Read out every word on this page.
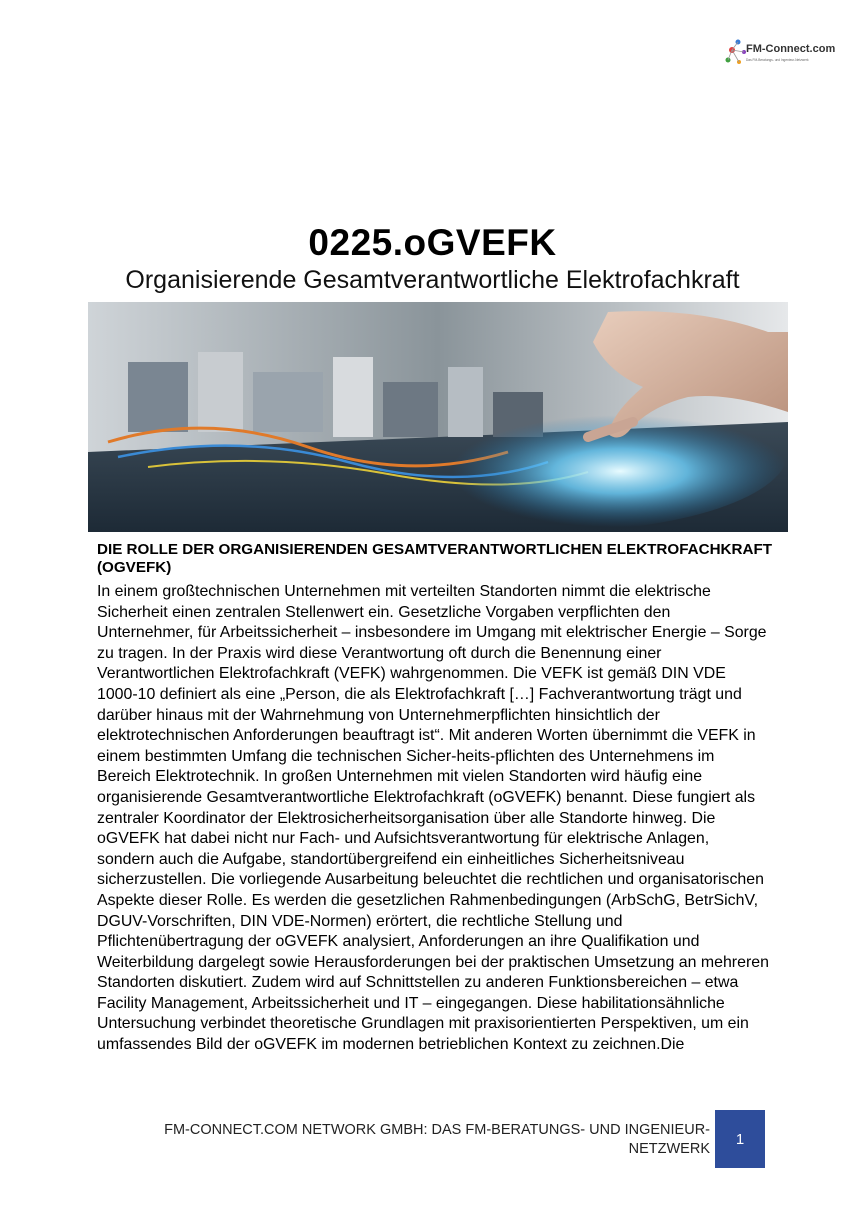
FM-Connect.com
Das FM-Beratungs- und Ingenieur-Netzwerk
0225.oGVEFK
Organisierende Gesamtverantwortliche Elektrofachkraft
DIE ROLLE DER ORGANISIERENDEN GESAMTVERANTWORTLICHEN ELEKTROFACHKRAFT (OGVEFK)
In einem großtechnischen Unternehmen mit verteilten Standorten nimmt die elektrische Sicherheit einen zentralen Stellenwert ein. Gesetzliche Vorgaben verpflichten den Unternehmer, für Arbeitssicherheit – insbesondere im Umgang mit elektrischer Energie – Sorge zu tragen. In der Praxis wird diese Verantwortung oft durch die Benennung einer Verantwortlichen Elektrofachkraft (VEFK) wahrgenommen. Die VEFK ist gemäß DIN VDE 1000-10 definiert als eine „Person, die als Elektrofachkraft […] Fachverantwortung trägt und darüber hinaus mit der Wahrnehmung von Unternehmerpflichten hinsichtlich der elektrotechnischen Anforderungen beauftragt ist“. Mit anderen Worten übernimmt die VEFK in einem bestimmten Umfang die technischen Sicher-heits-pflichten des Unternehmens im Bereich Elektrotechnik. In großen Unternehmen mit vielen Standorten wird häufig eine organisierende Gesamtverantwortliche Elektrofachkraft (oGVEFK) benannt. Diese fungiert als zentraler Koordinator der Elektrosicherheitsorganisation über alle Standorte hinweg. Die oGVEFK hat dabei nicht nur Fach- und Aufsichtsverantwortung für elektrische Anlagen, sondern auch die Aufgabe, standortübergreifend ein einheitliches Sicherheitsniveau sicherzustellen. Die vorliegende Ausarbeitung beleuchtet die rechtlichen und organisatorischen Aspekte dieser Rolle. Es werden die gesetzlichen Rahmenbedingungen (ArbSchG, BetrSichV, DGUV-Vorschriften, DIN VDE-Normen) erörtert, die rechtliche Stellung und Pflichtenübertragung der oGVEFK analysiert, Anforderungen an ihre Qualifikation und Weiterbildung dargelegt sowie Herausforderungen bei der praktischen Umsetzung an mehreren Standorten diskutiert. Zudem wird auf Schnittstellen zu anderen Funktionsbereichen – etwa Facility Management, Arbeitssicherheit und IT – eingegangen. Diese habilitationsähnliche Untersuchung verbindet theoretische Grundlagen mit praxisorientierten Perspektiven, um ein umfassendes Bild der oGVEFK im modernen betrieblichen Kontext zu zeichnen.Die
FM-CONNECT.COM NETWORK GMBH: DAS FM-BERATUNGS- UND INGENIEUR-NETZWERK
1
